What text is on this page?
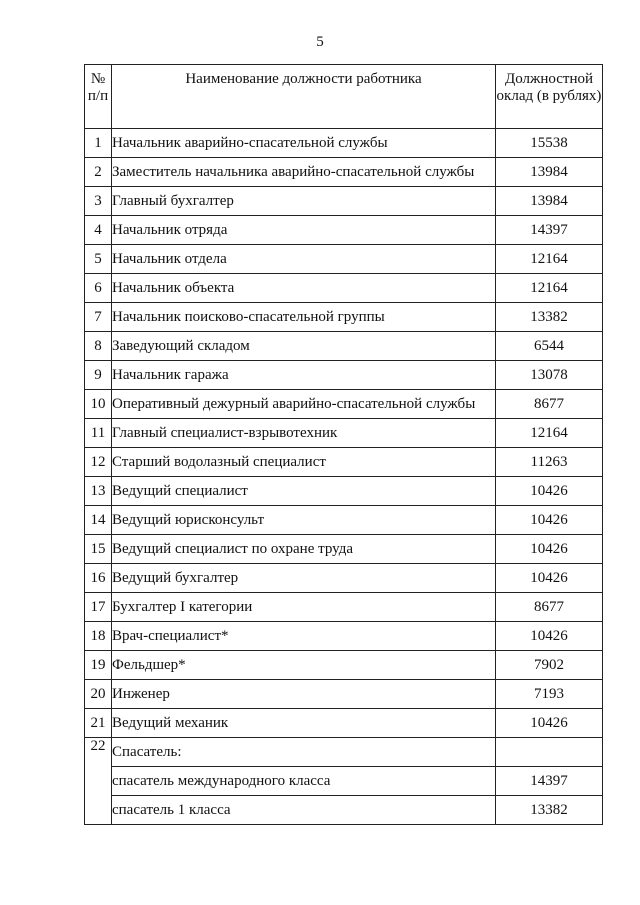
5
№ п/п	Наименование должности работника	Должностной оклад (в рублях)
1	Начальник аварийно-спасательной службы	15538
2	Заместитель начальника аварийно-спасательной службы	13984
3	Главный бухгалтер	13984
4	Начальник отряда	14397
5	Начальник отдела	12164
6	Начальник объекта	12164
7	Начальник поисково-спасательной группы	13382
8	Заведующий складом	6544
9	Начальник гаража	13078
10	Оперативный дежурный аварийно-спасательной службы	8677
11	Главный специалист-взрывотехник	12164
12	Старший водолазный специалист	11263
13	Ведущий специалист	10426
14	Ведущий юрисконсульт	10426
15	Ведущий специалист по охране труда	10426
16	Ведущий бухгалтер	10426
17	Бухгалтер I категории	8677
18	Врач-специалист*	10426
19	Фельдшер*	7902
20	Инженер	7193
21	Ведущий механик	10426
22	Спасатель:	
	спасатель международного класса	14397
	спасатель 1 класса	13382
